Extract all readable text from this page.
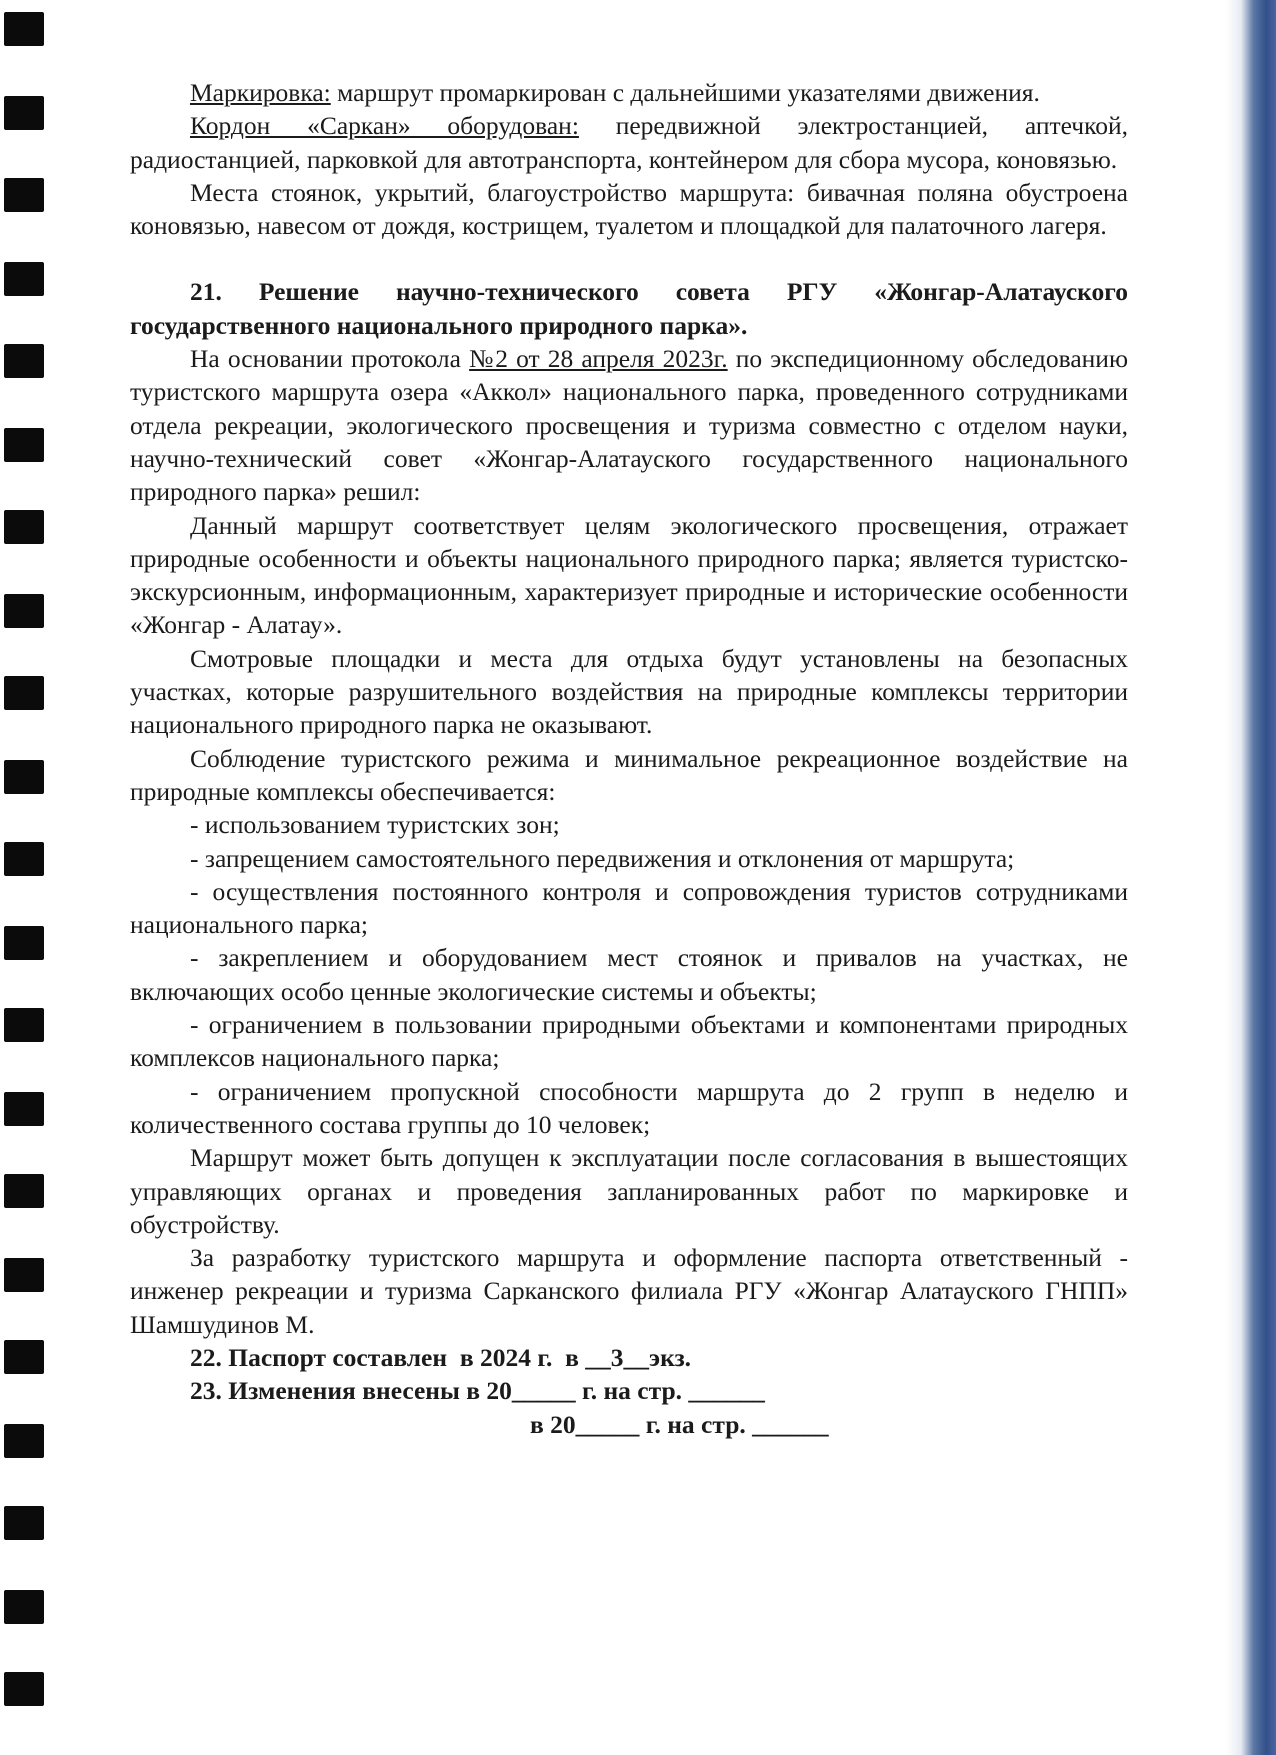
Маркировка: маршрут промаркирован с дальнейшими указателями движения.

Кордон «Саркан» оборудован: передвижной электростанцией, аптечкой, радиостанцией, парковкой для автотранспорта, контейнером для сбора мусора, коновязью.

Места стоянок, укрытий, благоустройство маршрута: бивачная поляна обустроена коновязью, навесом от дождя, кострищем, туалетом и площадкой для палаточного лагеря.

21. Решение научно-технического совета РГУ «Жонгар-Алатауского государственного национального природного парка».

На основании протокола №2 от 28 апреля 2023г. по экспедиционному обследованию туристского маршрута озера «Аккол» национального парка, проведенного сотрудниками отдела рекреации, экологического просвещения и туризма совместно с отделом науки, научно-технический совет «Жонгар-Алатауского государственного национального природного парка» решил:

Данный маршрут соответствует целям экологического просвещения, отражает природные особенности и объекты национального природного парка; является туристско-экскурсионным, информационным, характеризует природные и исторические особенности «Жонгар - Алатау».

Смотровые площадки и места для отдыха будут установлены на безопасных участках, которые разрушительного воздействия на природные комплексы территории национального природного парка не оказывают.

Соблюдение туристского режима и минимальное рекреационное воздействие на природные комплексы обеспечивается:

- использованием туристских зон;

- запрещением самостоятельного передвижения и отклонения от маршрута;

- осуществления постоянного контроля и сопровождения туристов сотрудниками национального парка;

- закреплением и оборудованием мест стоянок и привалов на участках, не включающих особо ценные экологические системы и объекты;

- ограничением в пользовании природными объектами и компонентами природных комплексов национального парка;

- ограничением пропускной способности маршрута до 2 групп в неделю и количественного состава группы до 10 человек;

Маршрут может быть допущен к эксплуатации после согласования в вышестоящих управляющих органах и проведения запланированных работ по маркировке и обустройству.

За разработку туристского маршрута и оформление паспорта ответственный - инженер рекреации и туризма Сарканского филиала РГУ «Жонгар Алатауского ГНПП» Шамшудинов М.

22. Паспорт составлен  в 2024 г.  в __3__экз.

23. Изменения внесены в 20_____ г. на стр. ______

в 20_____ г. на стр. ______
